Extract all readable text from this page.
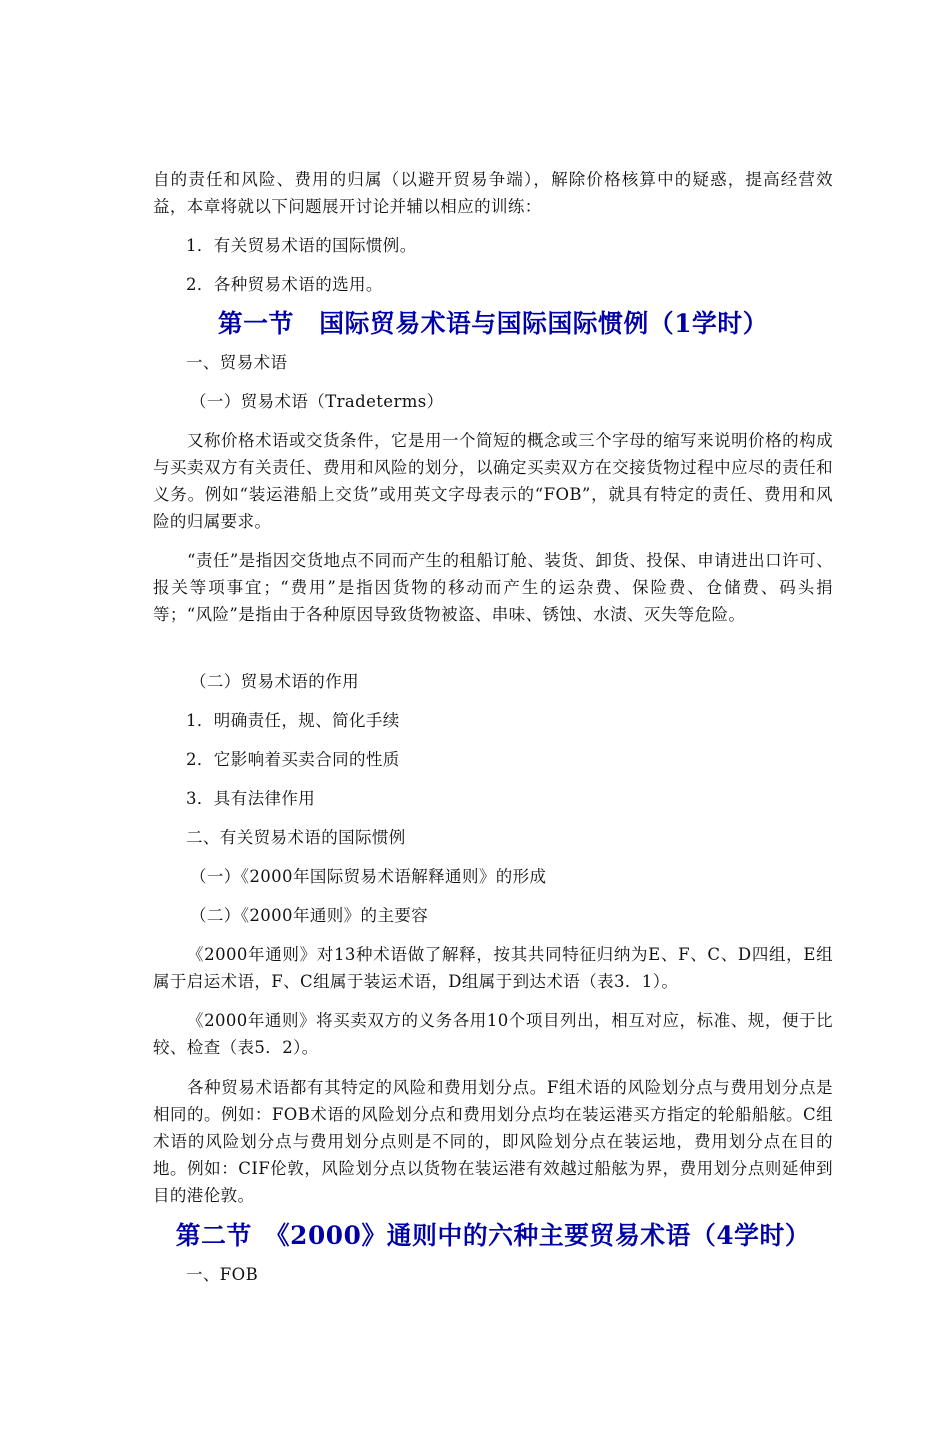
自的责任和风险、费用的归属（以避开贸易争端），解除价格核算中的疑惑，提高经营效益，本章将就以下问题展开讨论并辅以相应的训练：

1．有关贸易术语的国际惯例。

2．各种贸易术语的选用。

第一节　国际贸易术语与国际国际惯例（1学时）

一、贸易术语

（一）贸易术语（Tradeterms）

又称价格术语或交货条件，它是用一个简短的概念或三个字母的缩写来说明价格的构成与买卖双方有关责任、费用和风险的划分，以确定买卖双方在交接货物过程中应尽的责任和义务。例如“装运港船上交货”或用英文字母表示的“FOB”，就具有特定的责任、费用和风险的归属要求。

“责任”是指因交货地点不同而产生的租船订舱、装货、卸货、投保、申请进出口许可、报关等项事宜；“费用”是指因货物的移动而产生的运杂费、保险费、仓储费、码头捐等；“风险”是指由于各种原因导致货物被盗、串味、锈蚀、水渍、灭失等危险。

（二）贸易术语的作用

1．明确责任，规、简化手续

2．它影响着买卖合同的性质

3．具有法律作用

二、有关贸易术语的国际惯例

（一）《2000年国际贸易术语解释通则》的形成

（二）《2000年通则》的主要容

《2000年通则》对13种术语做了解释，按其共同特征归纳为E、F、C、D四组，E组属于启运术语，F、C组属于装运术语，D组属于到达术语（表3．1）。

《2000年通则》将买卖双方的义务各用10个项目列出，相互对应，标准、规，便于比较、检查（表5．2）。

各种贸易术语都有其特定的风险和费用划分点。F组术语的风险划分点与费用划分点是相同的。例如：FOB术语的风险划分点和费用划分点均在装运港买方指定的轮船船舷。C组术语的风险划分点与费用划分点则是不同的，即风险划分点在装运地，费用划分点在目的地。例如：CIF伦敦，风险划分点以货物在装运港有效越过船舷为界，费用划分点则延伸到目的港伦敦。

第二节　《2000》通则中的六种主要贸易术语（4学时）

一、FOB
